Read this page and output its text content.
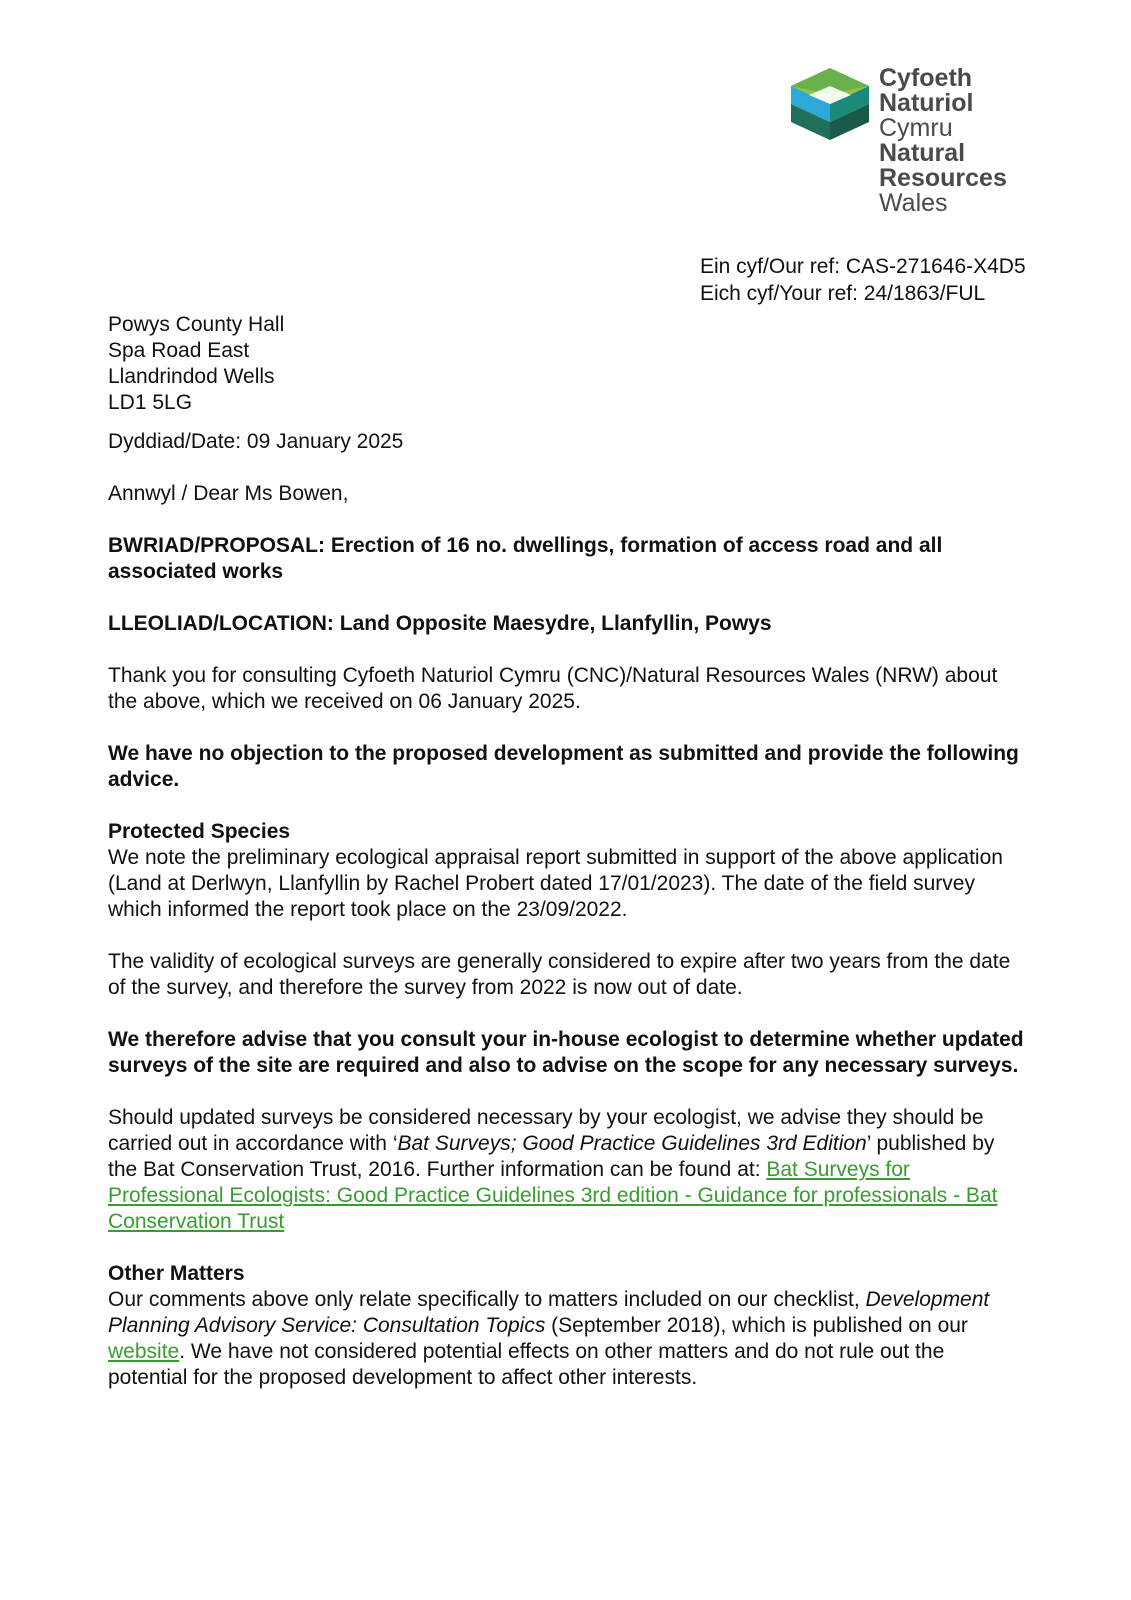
Cyfoeth
Naturiol
Cymru
Natural
Resources
Wales
Ein cyf/Our ref: CAS-271646-X4D5
Eich cyf/Your ref: 24/1863/FUL
Powys County Hall
Spa Road East
Llandrindod Wells
LD1 5LG

Dyddiad/Date: 09 January 2025

Annwyl / Dear Ms Bowen,

BWRIAD/PROPOSAL: Erection of 16 no. dwellings, formation of access road and all associated works

LLEOLIAD/LOCATION: Land Opposite Maesydre, Llanfyllin, Powys

Thank you for consulting Cyfoeth Naturiol Cymru (CNC)/Natural Resources Wales (NRW) about the above, which we received on 06 January 2025.

We have no objection to the proposed development as submitted and provide the following advice.

Protected Species

We note the preliminary ecological appraisal report submitted in support of the above application (Land at Derlwyn, Llanfyllin by Rachel Probert dated 17/01/2023). The date of the field survey which informed the report took place on the 23/09/2022.

The validity of ecological surveys are generally considered to expire after two years from the date of the survey, and therefore the survey from 2022 is now out of date.

We therefore advise that you consult your in-house ecologist to determine whether updated surveys of the site are required and also to advise on the scope for any necessary surveys.

Should updated surveys be considered necessary by your ecologist, we advise they should be carried out in accordance with ‘Bat Surveys; Good Practice Guidelines 3rd Edition’ published by the Bat Conservation Trust, 2016. Further information can be found at: Bat Surveys for Professional Ecologists: Good Practice Guidelines 3rd edition - Guidance for professionals - Bat Conservation Trust

Other Matters

Our comments above only relate specifically to matters included on our checklist, Development Planning Advisory Service: Consultation Topics (September 2018), which is published on our website. We have not considered potential effects on other matters and do not rule out the potential for the proposed development to affect other interests.
